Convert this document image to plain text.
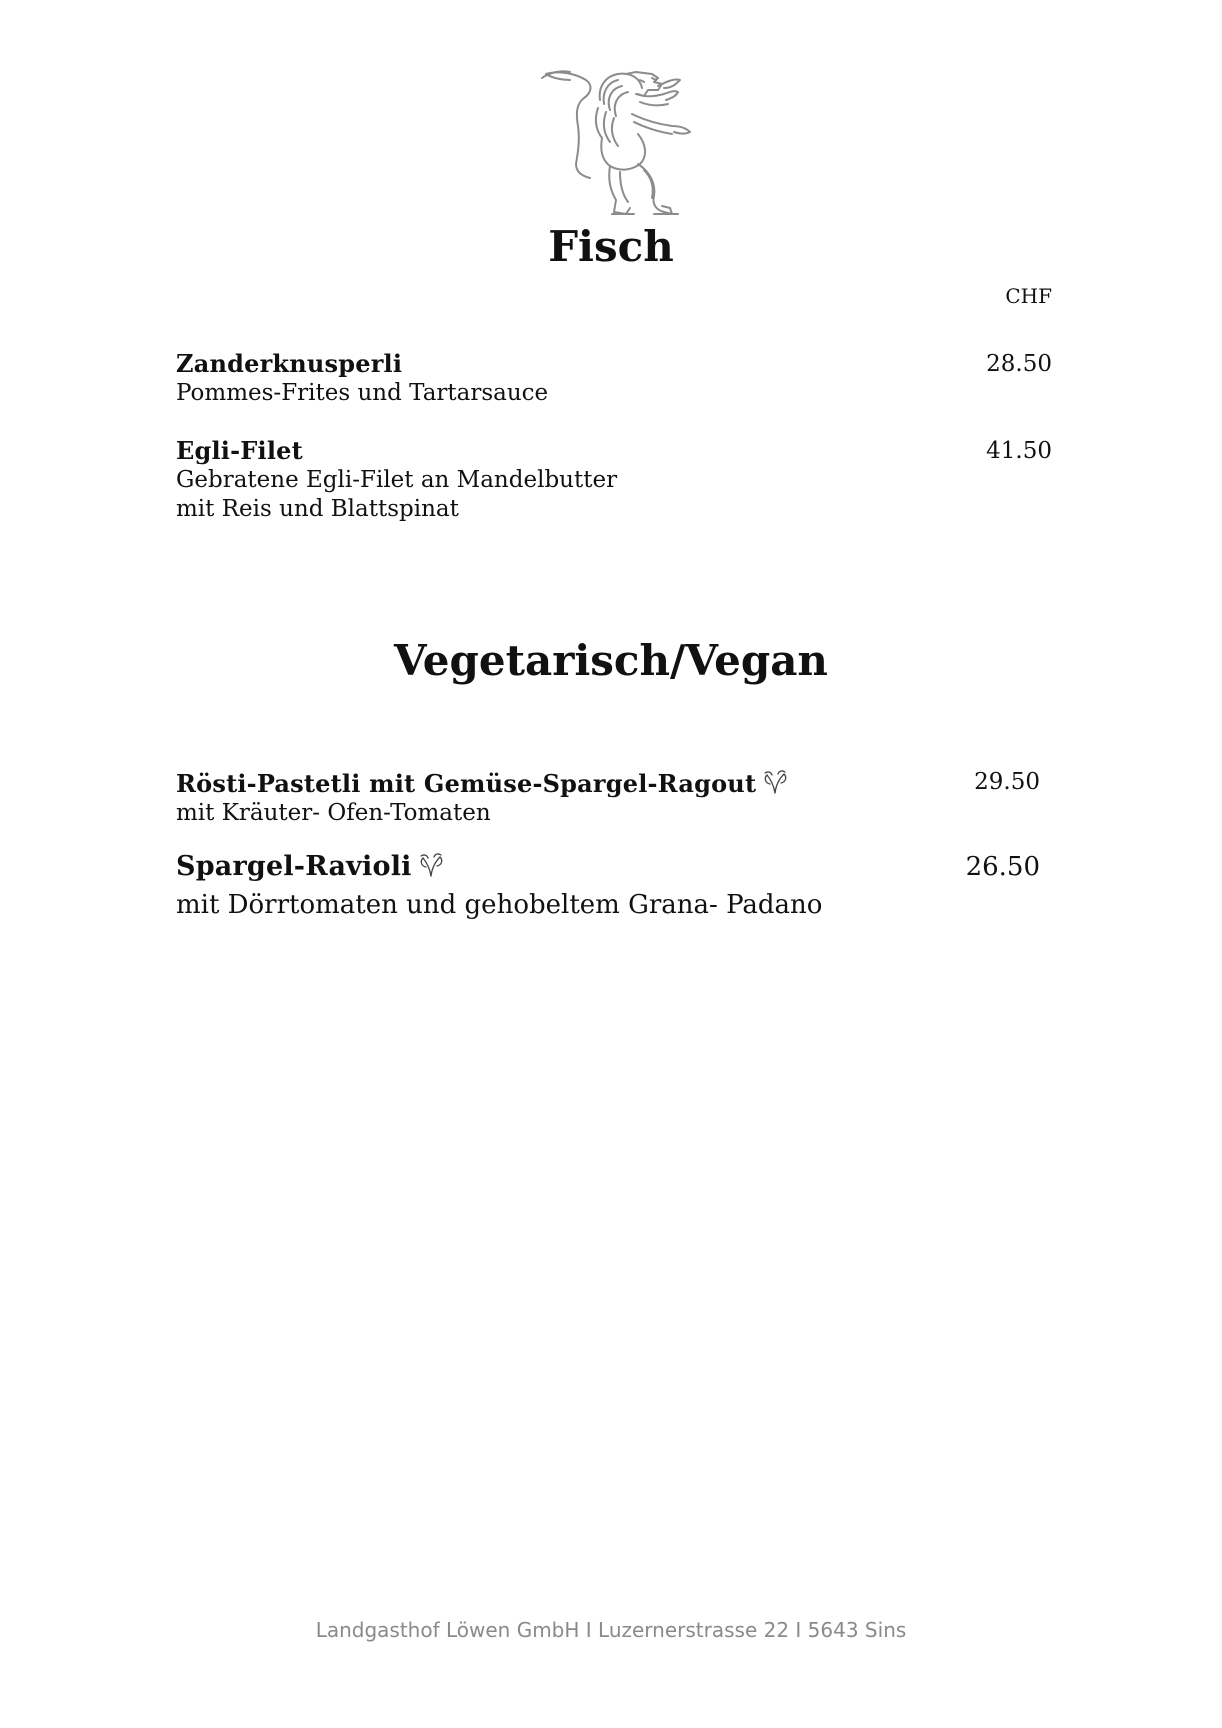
Fisch
CHF
Zanderknusperli
Pommes-Frites und Tartarsauce
28.50
Egli-Filet
Gebratene Egli-Filet an Mandelbutter
mit Reis und Blattspinat
41.50
Vegetarisch/Vegan
Rösti-Pastetli mit Gemüse-Spargel-Ragout
mit Kräuter- Ofen-Tomaten
29.50
Spargel-Ravioli
mit Dörrtomaten und gehobeltem Grana- Padano
26.50
Landgasthof Löwen GmbH I Luzernerstrasse 22 I 5643 Sins
